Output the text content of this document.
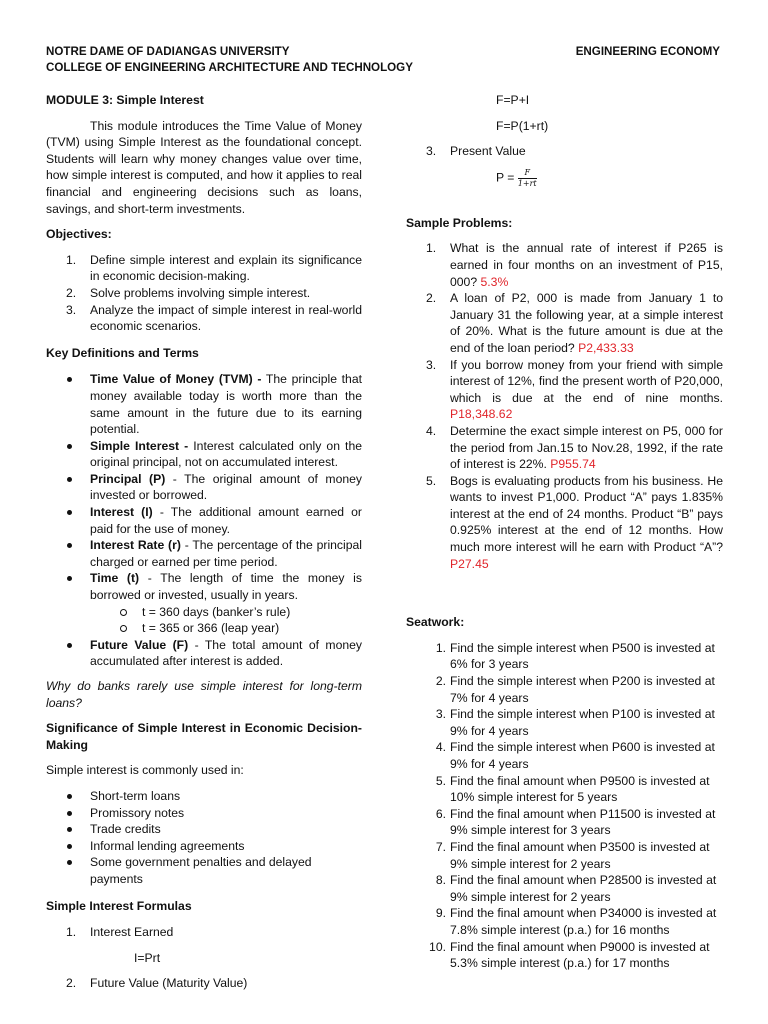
NOTRE DAME OF DADIANGAS UNIVERSITY
COLLEGE OF ENGINEERING ARCHITECTURE AND TECHNOLOGY
ENGINEERING ECONOMY

MODULE 3: Simple Interest

This module introduces the Time Value of Money (TVM) using Simple Interest as the foundational concept. Students will learn why money changes value over time, how simple interest is computed, and how it applies to real financial and engineering decisions such as loans, savings, and short-term investments.

Objectives:

1. Define simple interest and explain its significance in economic decision-making.
2. Solve problems involving simple interest.
3. Analyze the impact of simple interest in real-world economic scenarios.

Key Definitions and Terms

Time Value of Money (TVM) - The principle that money available today is worth more than the same amount in the future due to its earning potential.
Simple Interest - Interest calculated only on the original principal, not on accumulated interest.
Principal (P) - The original amount of money invested or borrowed.
Interest (I) - The additional amount earned or paid for the use of money.
Interest Rate (r) - The percentage of the principal charged or earned per time period.
Time (t) - The length of time the money is borrowed or invested, usually in years.
t = 360 days (banker’s rule)
t = 365 or 366 (leap year)
Future Value (F) - The total amount of money accumulated after interest is added.

Why do banks rarely use simple interest for long-term loans?

Significance of Simple Interest in Economic Decision-Making

Simple interest is commonly used in:

Short-term loans
Promissory notes
Trade credits
Informal lending agreements
Some government penalties and delayed payments

Simple Interest Formulas

1. Interest Earned

I=Prt

2. Future Value (Maturity Value)

F=P+I

F=P(1+rt)

3. Present Value

$P = \frac{F}{1+rt}$

Sample Problems:

1. What is the annual rate of interest if P265 is earned in four months on an investment of P15, 000? 5.3%
2. A loan of P2, 000 is made from January 1 to January 31 the following year, at a simple interest of 20%. What is the future amount is due at the end of the loan period? P2,433.33
3. If you borrow money from your friend with simple interest of 12%, find the present worth of P20,000, which is due at the end of nine months. P18,348.62
4. Determine the exact simple interest on P5, 000 for the period from Jan.15 to Nov.28, 1992, if the rate of interest is 22%. P955.74
5. Bogs is evaluating products from his business. He wants to invest P1,000. Product “A” pays 1.835% interest at the end of 24 months. Product “B” pays 0.925% interest at the end of 12 months. How much more interest will he earn with Product “A”? P27.45

Seatwork:

1. Find the simple interest when P500 is invested at 6% for 3 years
2. Find the simple interest when P200 is invested at 7% for 4 years
3. Find the simple interest when P100 is invested at 9% for 4 years
4. Find the simple interest when P600 is invested at 9% for 4 years
5. Find the final amount when P9500 is invested at 10% simple interest for 5 years
6. Find the final amount when P11500 is invested at 9% simple interest for 3 years
7. Find the final amount when P3500 is invested at 9% simple interest for 2 years
8. Find the final amount when P28500 is invested at 9% simple interest for 2 years
9. Find the final amount when P34000 is invested at 7.8% simple interest (p.a.) for 16 months
10. Find the final amount when P9000 is invested at 5.3% simple interest (p.a.) for 17 months
